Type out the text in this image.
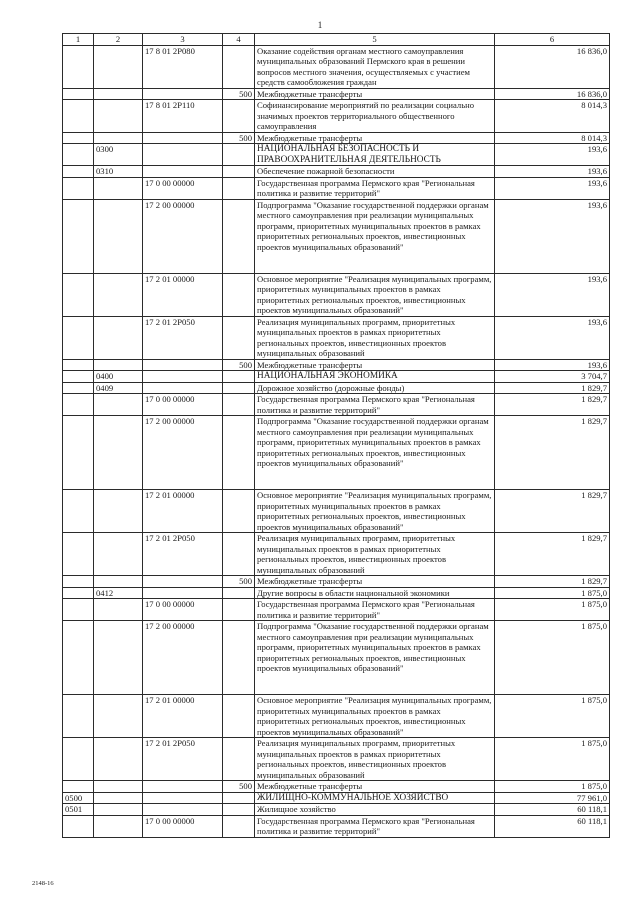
1
1	2	3	4	5	6
		17 8 01 2Р080		Оказание содействия органам местного самоуправления муниципальных образований Пермского края в решении вопросов местного значения, осуществляемых с участием средств самообложения граждан	16 836,0
			500	Межбюджетные трансферты	16 836,0
		17 8 01 2Р110		Софинансирование мероприятий по реализации социально значимых проектов территориального общественного самоуправления	8 014,3
			500	Межбюджетные трансферты	8 014,3
	0300			НАЦИОНАЛЬНАЯ БЕЗОПАСНОСТЬ И ПРАВООХРАНИТЕЛЬНАЯ ДЕЯТЕЛЬНОСТЬ	193,6
	0310			Обеспечение пожарной безопасности	193,6
		17 0 00 00000		Государственная программа Пермского края "Региональная политика и развитие территорий"	193,6
		17 2 00 00000		Подпрограмма "Оказание государственной поддержки органам местного самоуправления при реализации муниципальных программ, приоритетных муниципальных проектов в рамках приоритетных региональных проектов, инвестиционных проектов муниципальных образований"	193,6
		17 2 01 00000		Основное мероприятие "Реализация муниципальных программ, приоритетных муниципальных проектов в рамках приоритетных региональных проектов, инвестиционных проектов муниципальных образований"	193,6
		17 2 01 2Р050		Реализация муниципальных программ, приоритетных муниципальных проектов в рамках приоритетных региональных проектов, инвестиционных проектов муниципальных образований	193,6
			500	Межбюджетные трансферты	193,6
	0400			НАЦИОНАЛЬНАЯ ЭКОНОМИКА	3 704,7
	0409			Дорожное хозяйство (дорожные фонды)	1 829,7
		17 0 00 00000		Государственная программа Пермского края "Региональная политика и развитие территорий"	1 829,7
		17 2 00 00000		Подпрограмма "Оказание государственной поддержки органам местного самоуправления при реализации муниципальных программ, приоритетных муниципальных проектов в рамках приоритетных региональных проектов, инвестиционных проектов муниципальных образований"	1 829,7
		17 2 01 00000		Основное мероприятие "Реализация муниципальных программ, приоритетных муниципальных проектов в рамках приоритетных региональных проектов, инвестиционных проектов муниципальных образований"	1 829,7
		17 2 01 2Р050		Реализация муниципальных программ, приоритетных муниципальных проектов в рамках приоритетных региональных проектов, инвестиционных проектов муниципальных образований	1 829,7
			500	Межбюджетные трансферты	1 829,7
	0412			Другие вопросы в области национальной экономики	1 875,0
		17 0 00 00000		Государственная программа Пермского края "Региональная политика и развитие территорий"	1 875,0
		17 2 00 00000		Подпрограмма "Оказание государственной поддержки органам местного самоуправления при реализации муниципальных программ, приоритетных муниципальных проектов в рамках приоритетных региональных проектов, инвестиционных проектов муниципальных образований"	1 875,0
		17 2 01 00000		Основное мероприятие "Реализация муниципальных программ, приоритетных муниципальных проектов в рамках приоритетных региональных проектов, инвестиционных проектов муниципальных образований"	1 875,0
		17 2 01 2Р050		Реализация муниципальных программ, приоритетных муниципальных проектов в рамках приоритетных региональных проектов, инвестиционных проектов муниципальных образований	1 875,0
			500	Межбюджетные трансферты	1 875,0
0500				ЖИЛИЩНО-КОММУНАЛЬНОЕ ХОЗЯЙСТВО	77 961,0
0501				Жилищное хозяйство	60 118,1
		17 0 00 00000		Государственная программа Пермского края "Региональная политика и развитие территорий"	60 118,1
2148-16
